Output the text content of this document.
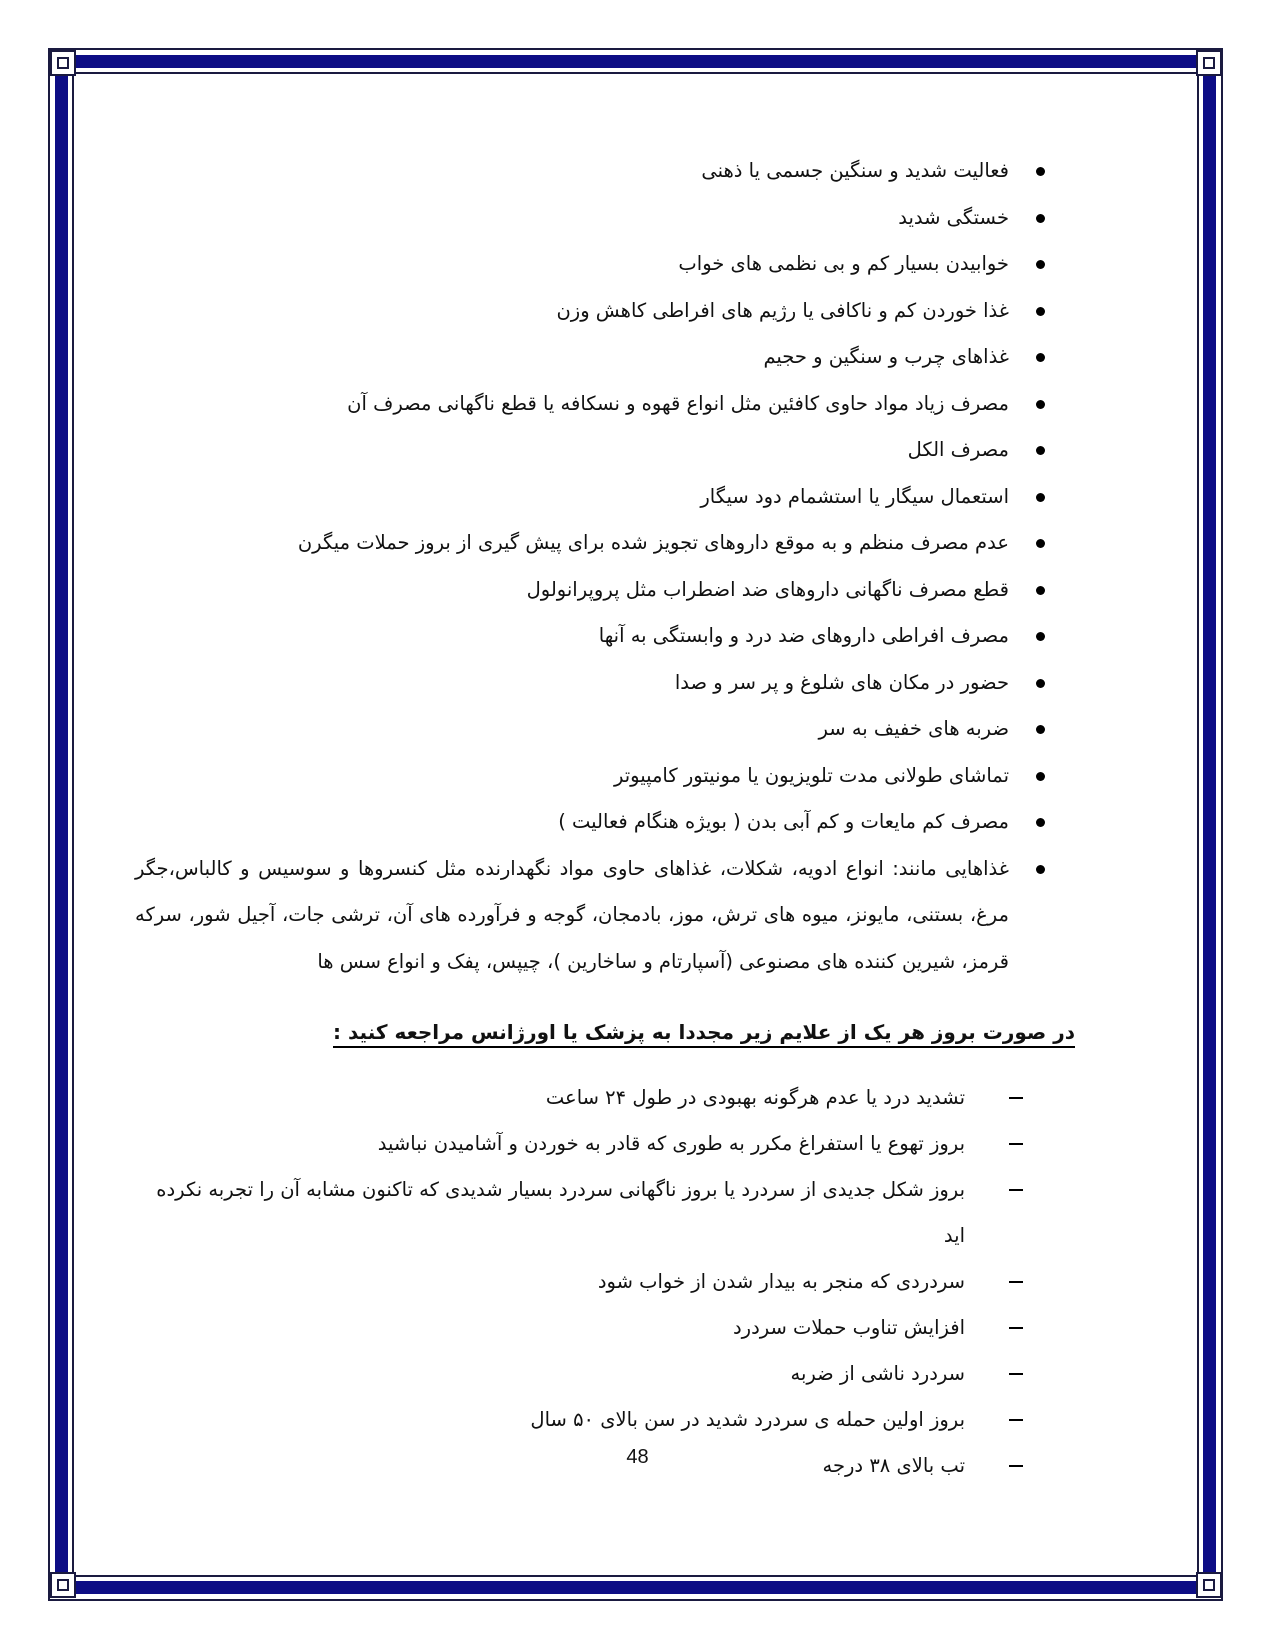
فعالیت شدید و سنگین جسمی یا ذهنی
خستگی شدید
خوابیدن بسیار کم و بی نظمی های خواب
غذا خوردن کم و ناکافی یا رژیم های افراطی کاهش وزن
غذاهای چرب و سنگین و حجیم
مصرف زیاد مواد حاوی کافئین مثل انواع قهوه و نسکافه یا قطع ناگهانی مصرف آن
مصرف الکل
استعمال سیگار یا استشمام دود سیگار
عدم مصرف منظم و به موقع داروهای تجویز شده برای پیش گیری از بروز حملات میگرن
قطع مصرف ناگهانی داروهای ضد اضطراب مثل پروپرانولول
مصرف افراطی داروهای ضد درد و وابستگی به آنها
حضور در مکان های شلوغ و پر سر و صدا
ضربه های خفیف به سر
تماشای طولانی مدت تلویزیون یا مونیتور کامپیوتر
مصرف کم مایعات و کم آبی بدن ( بویژه هنگام فعالیت )
غذاهایی مانند: انواع ادویه، شکلات، غذاهای حاوی مواد نگهدارنده مثل کنسروها و سوسیس و کالباس،جگر مرغ، بستنی، مایونز، میوه های ترش، موز، بادمجان، گوجه و فرآورده های آن، ترشی جات، آجیل شور، سرکه قرمز، شیرین کننده های مصنوعی (آسپارتام و ساخارین )، چیپس، پفک و انواع سس ها
در صورت بروز هر یک از علایم زیر مجددا به پزشک یا اورژانس مراجعه کنید :
تشدید درد یا عدم هرگونه بهبودی در طول ۲۴ ساعت
بروز تهوع یا استفراغ مکرر به طوری که قادر به خوردن و آشامیدن نباشید
بروز شکل جدیدی از سردرد یا بروز ناگهانی سردرد بسیار شدیدی که تاکنون مشابه آن را تجربه نکرده اید
سردردی که منجر به بیدار شدن از خواب شود
افزایش تناوب حملات سردرد
سردرد ناشی از ضربه
بروز اولین حمله ی سردرد شدید در سن بالای ۵۰ سال
تب بالای ۳۸ درجه
48
